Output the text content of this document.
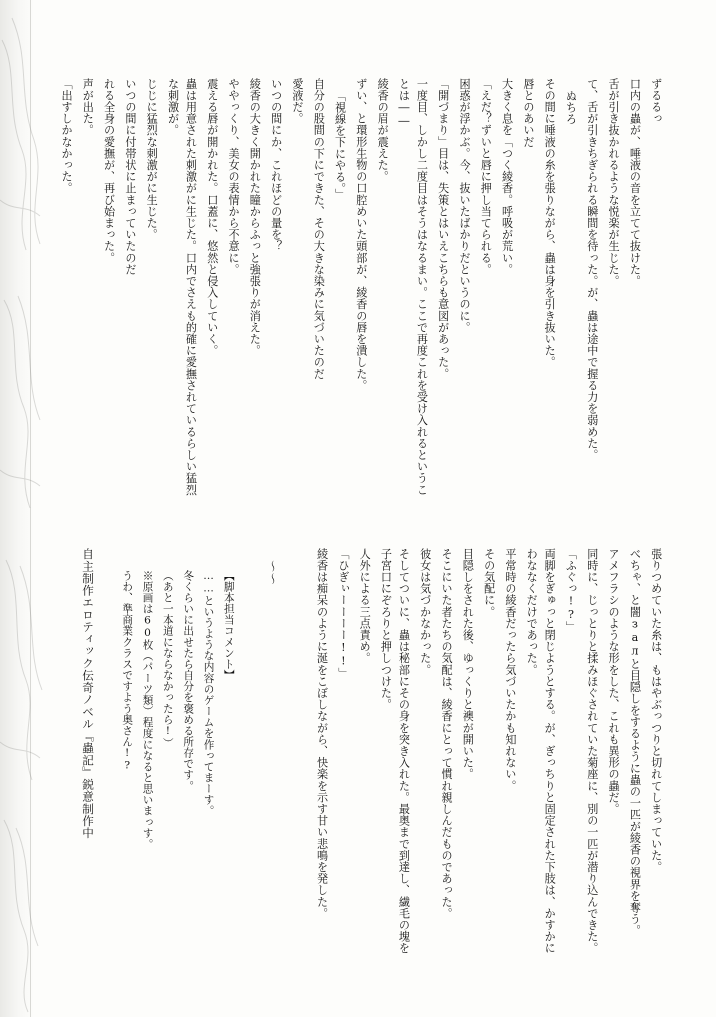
ずるるっ

口内の蟲が、唾液の音を立てて抜けた。

舌が引き抜かれるような悦楽が生じた。

て、舌が引きちぎられる瞬間を待った。が、蟲は途中で握る力を弱めた。

ぬちろ

その間に唾液の糸を張りながら、蟲は身を引き抜いた。

唇とのあいだ

大きく息を「つく綾香。呼吸が荒い。

「えだ？ずいと唇に押し当てられる。

困惑が浮かぶ。今、抜いたばかりだというのに。

「開づまり」目は、失策とはいえこちらも意図があった。

一度目、しかし二度目はそうはなるまい。ここで再度これを受け入れるということは――

綾香の眉が震えた。

ずい、と環形生物の口腔めいた頭部が、綾香の唇を潰した。

「視線を下にやる。」

自分の股間の下にできた、その大きな染みに気づいたのだ

愛液だ。

いつの間にか、これほどの量を？

綾香の大きく開かれた瞳からふっと強張りが消えた。

ややっくり、美女の表情から不意に。

震える唇が開かれた。口蓋に、悠然と侵入していく。

蟲は用意された刺激がに生じた。口内でさえも的確に愛撫されているらしい猛烈な刺激が。

じじに猛烈な刺激がに生じた。

いつの間に付帯状に止まっていたのだ

れる全身の愛撫が、再び始まった。

声が出た。

「出すしかなかった。

張りつめていた糸は、もはやぶっつりと切れてしまっていた。

べちゃ、と闇залと目隠しをするように蟲の一匹が綾香の視界を奪う。

アメフラシのような形をした、これも異形の蟲だ。

同時に、じっとりと揉みほぐされていた菊座に、別の一匹が潜り込んできた。

「ふぐっ!?」

両脚をぎゅっと閉じようとする。が、ぎっちりと固定された下肢は、かすかにわななくだけであった。

平常時の綾香だったら気づいたかも知れない。

その気配に。

目隠しをされた後、ゆっくりと襖が開いた。

そこにいた者たちの気配は、綾香にとって慣れ親しんだものであった。

彼女は気づかなかった。

そしてついに、蟲は秘部にその身を突き入れた。最奥まで到達し、繊毛の塊を子宮口にぞろりと押しつけた。

人外による三点責め。

「ひぎぃーーーー!!」

綾香は痴呆のように涎をこぼしながら、快楽を示す甘い悲鳴を発した。

～～

【脚本担当コメント】

……というような内容のゲームを作ってまーす。

冬くらいに出せたら自分を褒める所存です。

（あと一本道にならなかったら!）

※原画は60枚（パーツ類）程度になると思いまっす。

うわ、準商業クラスですよう奥さん!?

自主制作エロティック伝奇ノベル『蟲記』鋭意制作中
